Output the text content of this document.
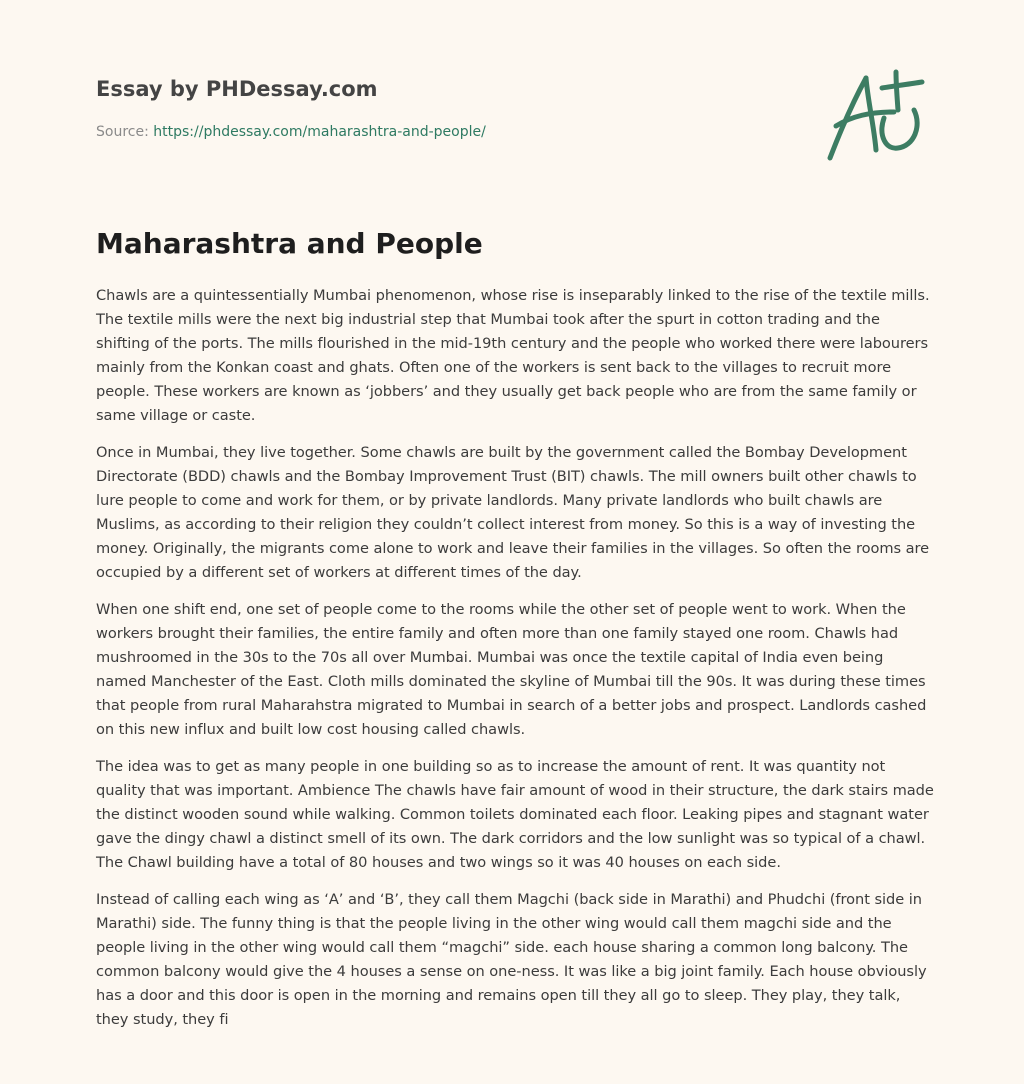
Essay by PHDessay.com
Source: https://phdessay.com/maharashtra-and-people/
Maharashtra and People

Chawls are a quintessentially Mumbai phenomenon, whose rise is inseparably linked to the rise of the textile mills. The textile mills were the next big industrial step that Mumbai took after the spurt in cotton trading and the shifting of the ports. The mills flourished in the mid-19th century and the people who worked there were labourers mainly from the Konkan coast and ghats. Often one of the workers is sent back to the villages to recruit more people. These workers are known as ‘jobbers’ and they usually get back people who are from the same family or same village or caste.

Once in Mumbai, they live together. Some chawls are built by the government called the Bombay Development Directorate (BDD) chawls and the Bombay Improvement Trust (BIT) chawls. The mill owners built other chawls to lure people to come and work for them, or by private landlords. Many private landlords who built chawls are Muslims, as according to their religion they couldn’t collect interest from money. So this is a way of investing the money. Originally, the migrants come alone to work and leave their families in the villages. So often the rooms are occupied by a different set of workers at different times of the day.

When one shift end, one set of people come to the rooms while the other set of people went to work. When the workers brought their families, the entire family and often more than one family stayed one room. Chawls had mushroomed in the 30s to the 70s all over Mumbai. Mumbai was once the textile capital of India even being named Manchester of the East. Cloth mills dominated the skyline of Mumbai till the 90s. It was during these times that people from rural Maharahstra migrated to Mumbai in search of a better jobs and prospect. Landlords cashed on this new influx and built low cost housing called chawls.

The idea was to get as many people in one building so as to increase the amount of rent. It was quantity not quality that was important. Ambience The chawls have fair amount of wood in their structure, the dark stairs made the distinct wooden sound while walking. Common toilets dominated each floor. Leaking pipes and stagnant water gave the dingy chawl a distinct smell of its own. The dark corridors and the low sunlight was so typical of a chawl. The Chawl building have a total of 80 houses and two wings so it was 40 houses on each side.

Instead of calling each wing as ‘A’ and ‘B’, they call them Magchi (back side in Marathi) and Phudchi (front side in Marathi) side. The funny thing is that the people living in the other wing would call them magchi side and the people living in the other wing would call them “magchi” side. each house sharing a common long balcony. The common balcony would give the 4 houses a sense on one-ness. It was like a big joint family. Each house obviously has a door and this door is open in the morning and remains open till they all go to sleep. They play, they talk, they study, they fi
